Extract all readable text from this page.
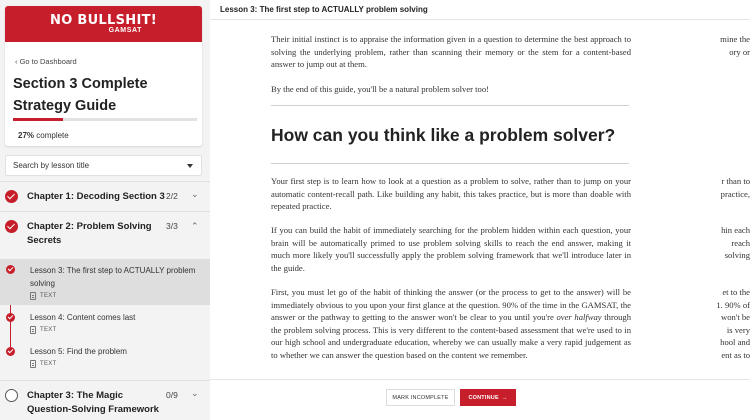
NO BULLSHIT!
GAMSAT
‹ Go to Dashboard
Section 3 Complete Strategy Guide
27% complete
Search by lesson title
Chapter 1: Decoding Section 3 2/2 ⌄
Chapter 2: Problem Solving Secrets
3/3 ⌃
Lesson 3: The first step to ACTUALLY problem solving
TEXT
Lesson 4: Content comes last
TEXT
Lesson 5: Find the problem
TEXT
Chapter 3: The Magic Question-Solving Framework
0/9 ⌄
Lesson 3: The first step to ACTUALLY problem solving

Their initial instinct is to appraise the information given in a question to determine the best approach to solving the underlying problem, rather than scanning their memory or the stem for a content-based answer to jump out at them.

By the end of this guide, you'll be a natural problem solver too!

How can you think like a problem solver?

Your first step is to learn how to look at a question as a problem to solve, rather than to jump on your automatic content-recall path. Like building any habit, this takes practice, but is more than doable with repeated practice.

If you can build the habit of immediately searching for the problem hidden within each question, your brain will be automatically primed to use problem solving skills to reach the end answer, making it much more likely you'll successfully apply the problem solving framework that we'll introduce later in the guide.

First, you must let go of the habit of thinking the answer (or the process to get to the answer) will be immediately obvious to you upon your first glance at the question. 90% of the time in the GAMSAT, the answer or the pathway to getting to the answer won't be clear to you until you're over halfway through the problem solving process. This is very different to the content-based assessment that we're used to in our high school and undergraduate education, whereby we can usually make a very rapid judgement as to whether we can answer the question based on the content we remember.

mine the
ory or
r than to
practice,
hin each
reach
solving
et to the
1. 90% of
won't be
is very
hool and
ent as to
MARK INCOMPLETE	CONTINUE →
